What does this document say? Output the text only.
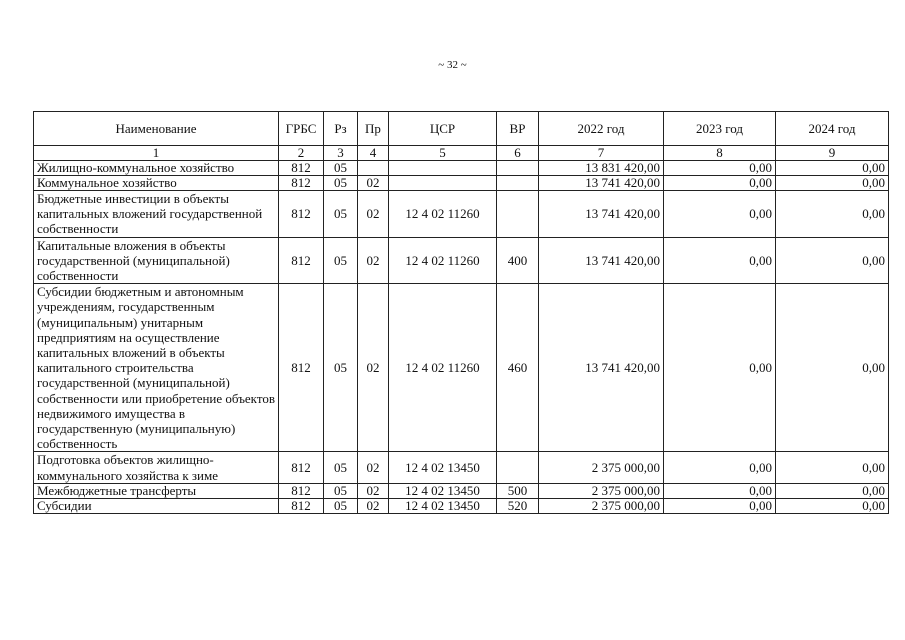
~ 32 ~
Наименование	ГРБС	Рз	Пр	ЦСР	ВР	2022 год	2023 год	2024 год
1	2	3	4	5	6	7	8	9
Жилищно-коммунальное хозяйство	812	05				13 831 420,00	0,00	0,00
Коммунальное хозяйство	812	05	02			13 741 420,00	0,00	0,00
Бюджетные инвестиции в объекты капитальных вложений государственной собственности	812	05	02	12 4 02 11260		13 741 420,00	0,00	0,00
Капитальные вложения в объекты государственной (муниципальной) собственности	812	05	02	12 4 02 11260	400	13 741 420,00	0,00	0,00
Субсидии бюджетным и автономным учреждениям, государственным (муниципальным) унитарным предприятиям на осуществление капитальных вложений в объекты капитального строительства государственной (муниципальной) собственности или приобретение объектов недвижимого имущества в государственную (муниципальную) собственность	812	05	02	12 4 02 11260	460	13 741 420,00	0,00	0,00
Подготовка объектов жилищно-коммунального хозяйства к зиме	812	05	02	12 4 02 13450		2 375 000,00	0,00	0,00
Межбюджетные трансферты	812	05	02	12 4 02 13450	500	2 375 000,00	0,00	0,00
Субсидии	812	05	02	12 4 02 13450	520	2 375 000,00	0,00	0,00
